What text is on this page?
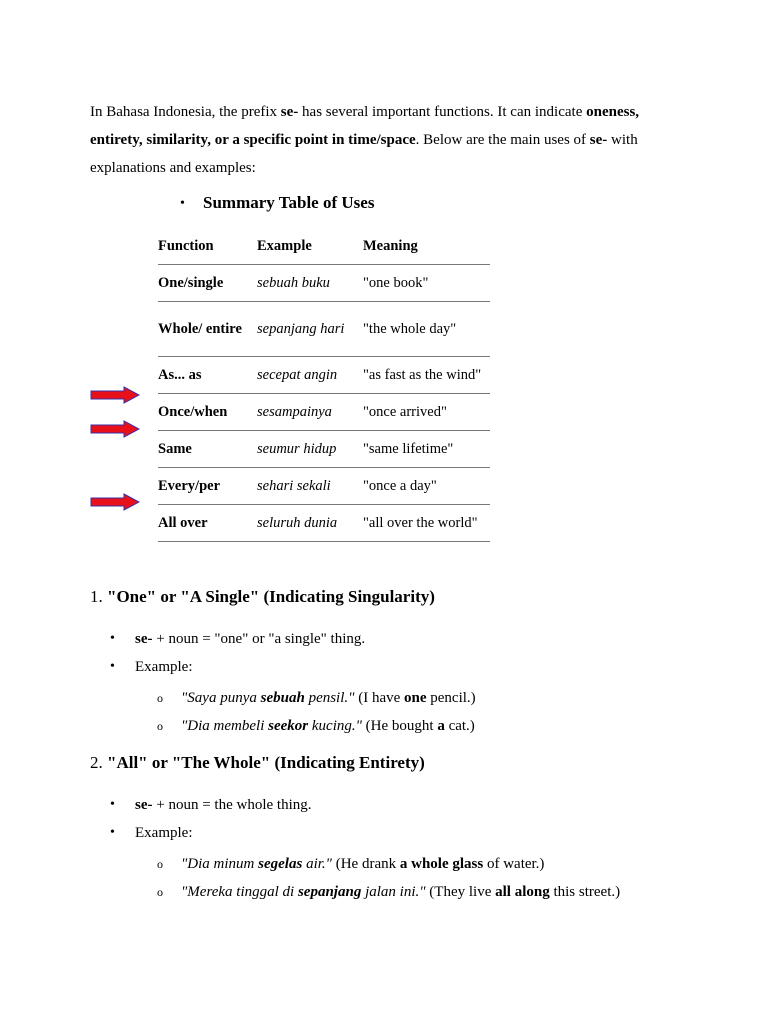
In Bahasa Indonesia, the prefix se- has several important functions. It can indicate oneness, entirety, similarity, or a specific point in time/space. Below are the main uses of se- with explanations and examples:

• Summary Table of Uses
Function	Example	Meaning
One/single	sebuah buku	"one book"
Whole/ entire	sepanjang hari	"the whole day"
As... as	secepat angin	"as fast as the wind"
Once/when	sesampainya	"once arrived"
Same	seumur hidup	"same lifetime"
Every/per	sehari sekali	"once a day"
All over	seluruh dunia	"all over the world"
1. "One" or "A Single" (Indicating Singularity)
• se- + noun = "one" or "a single" thing.
• Example:
o "Saya punya sebuah pensil." (I have one pencil.)
o "Dia membeli seekor kucing." (He bought a cat.)
2. "All" or "The Whole" (Indicating Entirety)
• se- + noun = the whole thing.
• Example:
o "Dia minum segelas air." (He drank a whole glass of water.)
o "Mereka tinggal di sepanjang jalan ini." (They live all along this street.)
